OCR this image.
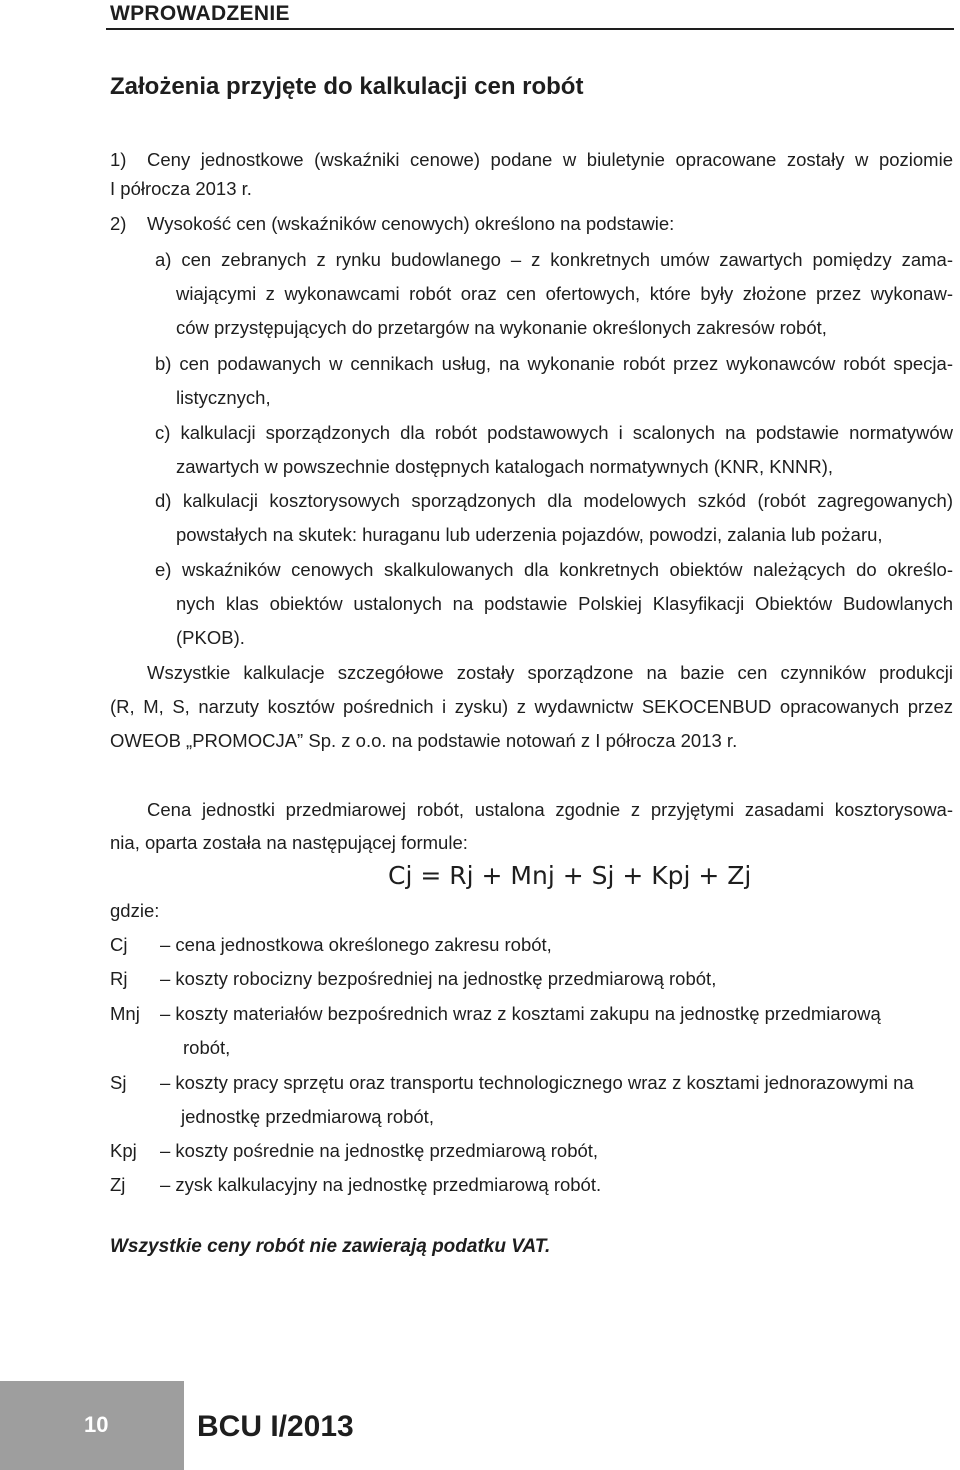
WPROWADZENIE
Założenia przyjęte do kalkulacji cen robót
1) Ceny jednostkowe (wskaźniki cenowe) podane w biuletynie opracowane zostały w poziomie
I półrocza 2013 r.
2) Wysokość cen (wskaźników cenowych) określono na podstawie:
a) cen zebranych z rynku budowlanego – z konkretnych umów zawartych pomiędzy zama-
wiającymi z wykonawcami robót oraz cen ofertowych, które były złożone przez wykonaw-
ców przystępujących do przetargów na wykonanie określonych zakresów robót,
b) cen podawanych w cennikach usług, na wykonanie robót przez wykonawców robót specja-
listycznych,
c) kalkulacji sporządzonych dla robót podstawowych i scalonych na podstawie normatywów
zawartych w powszechnie dostępnych katalogach normatywnych (KNR, KNNR),
d) kalkulacji kosztorysowych sporządzonych dla modelowych szkód (robót zagregowanych)
powstałych na skutek: huraganu lub uderzenia pojazdów, powodzi, zalania lub pożaru,
e) wskaźników cenowych skalkulowanych dla konkretnych obiektów należących do określo-
nych klas obiektów ustalonych na podstawie Polskiej Klasyfikacji Obiektów Budowlanych
(PKOB).
Wszystkie kalkulacje szczegółowe zostały sporządzone na bazie cen czynników produkcji
(R, M, S, narzuty kosztów pośrednich i zysku) z wydawnictw SEKOCENBUD opracowanych przez
OWEOB „PROMOCJA” Sp. z o.o. na podstawie notowań z I półrocza 2013 r.
Cena jednostki przedmiarowej robót, ustalona zgodnie z przyjętymi zasadami kosztorysowa-
nia, oparta została na następującej formule:
Cj = Rj + Mnj + Sj + Kpj + Zj
gdzie:
Cj – cena jednostkowa określonego zakresu robót,
Rj – koszty robocizny bezpośredniej na jednostkę przedmiarową robót,
Mnj – koszty materiałów bezpośrednich wraz z kosztami zakupu na jednostkę przedmiarową
robót,
Sj – koszty pracy sprzętu oraz transportu technologicznego wraz z kosztami jednorazowymi na
jednostkę przedmiarową robót,
Kpj – koszty pośrednie na jednostkę przedmiarową robót,
Zj – zysk kalkulacyjny na jednostkę przedmiarową robót.
Wszystkie ceny robót nie zawierają podatku VAT.
10	BCU I/2013
